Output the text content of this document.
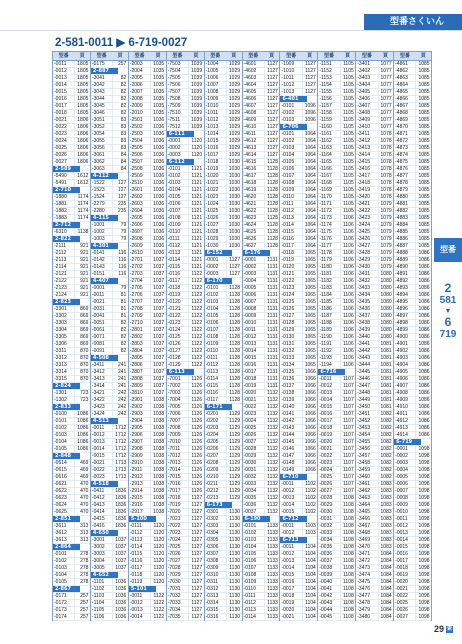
型番さくいん
2-581-0011 ▶ 6-719-0027
型番	頁
-0011	1805
-0012	1805
-0013	1805
-0014	1805
-0015	1805
-0016	1805
-0017	1805
-0018	1805
-0021	1806
-0022	1806
-0023	1806
-0024	1806
-0025	1806
-0026	1806
-0027	1806
2-589
-5490	1612
-5491	1612
2-710
-1880	1174
-1881	1174
-1882	1174
-1883	1174
2-712
-6310	1138
2-822
-2111	921
-2112	921
-2113	921
-2114	921
-2121	921
-2122	921
-2123	921
-2124	921
2-823
-3301	869
-3302	869
-3303	869
-3304	869
-3305	869
-3306	869
-3311	870
-3312	870
-3313	870
-3314	870
-3315	870
2-824
-1301	723
-1302	723
2-833
-0100	1086
-0101	1086
-0102	1086
-0103	1086
-0104	1086
-0105	1086
2-848
-0614	469
-0615	469
-0616	469
-0621	470
-0622	470
-0623	470
-0624	470
-0625	470
2-851
-3611	313
-3612	313
-3613	313
2-864
-0101	278
-0102	278
-0103	278
-0104	278
-0105	278
2-867
-0171	257
-0172	257
-0173	257
-0174	257
型番	頁
-0175	257
2-887
-3041	82
-3042	82
-3043	82
-3044	82
-3045	82
-3046	82
-3051	83
-3052	83
-3054	83
-3055	83
-3056	83
-3061	84
-3062	84
-3063	84
4-112
-1522	127
-1523	127
-1524	127
-2279	235
-2280	235
4-115
-1001	79
-1002	79
-1003	79
4-301
-0141	116
-0142	116
-0143	116
-0151	116
4-407
-0001	79
-0011	81
-0021	81
-0031	81
-0041	81
-0051	82
-0061	82
-0071	82
-0081	82
-0091	82
4-508
-3411	241
-3412	241
-3413	241
-3414	241
-3421	242
-3422	242
-3423	242
-3424	242
4-513
-0011	1712
-0012	1712
-0013	1712
-0014	1712
-0015	1712
-0021	1713
-0022	1713
-0023	1713
4-518
-0411	1836
-0412	1836
-0413	1836
-0414	1836
-0415	1836
-0416	1836
4-650
-3001	1037
-3002	1037
-3003	1037
-3004	1037
-3005	1037
4-652
-1101	1036
-1102	1036
-1103	1036
-1104	1036
-1105	1036
-1106	1036
型番	頁
-2003	1035
-2004	1035
-2005	1035
-2006	1035
-2007	1035
-2008	1035
-2009	1035
-2010	1035
-2501	1036
-2502	1036
-2503	1036
-2504	1036
-2505	1036
-2506	1036
-2507	1036
-2508	1036
-2509	1036
-2510	1036
-2601	1036
-2602	1036
-2603	1036
-2604	1036
-2605	1036
-2606	1036
-2607	1036
-2608	1036
-2609	1036
-2610	1036
-2701	1037
-2702	1037
-2703	1037
-2704	1037
-2705	1037
-2706	1037
-2707	1037
-2708	1037
-2709	1037
-2710	1037
-2801	1037
-2802	1037
-2803	1037
-2804	1037
-2805	1037
-2806	1037
-2807	1037
-2808	1037
-2809	1037
-2810	1037
-2901	1038
-2902	1038
-2903	1038
-2904	1038
-2905	1038
-2906	1038
-2907	1038
-2908	1038
-2909	1038
-2910	1038
-2911	1038
-2912	1038
-2913	1038
-2914	1038
-2915	1038
-2916	1038
-2917	1038
5-100
-0111	1120
-0112	1120
-0113	1120
-0114	1120
-0115	1120
-0116	1120
-0117	1120
-0118	1120
-0119	1120
5-101
-0011	1122
-0012	1122
-0013	1122
-0014	1122
型番	頁
-7503	1039
-7504	1039
-7505	1039
-7506	1039
-7507	1039
-7508	1039
-7509	1039
-7510	1039
-7511	1039
-7512	1039
6-111
-0001	1120
-0002	1120
-0003	1120
6-112
-0101	1121
-0102	1121
-0103	1121
-0104	1121
-0105	1121
-0106	1121
-0107	1121
-0108	1121
-0109	1121
-0110	1121
-0111	1121
-0112	1121
-0113	1121
-0114	1121
-0115	1121
-0116	1122
-0117	1122
-0118	1122
-0119	1122
-0120	1122
-0121	1122
-0122	1122
-0123	1122
-0124	1122
-0125	1122
-0126	1122
-0127	1122
-0128	1122
-0129	1122
6-113
-7001	1126
-7002	1126
-7003	1126
-7004	1126
-7005	1126
-7006	1126
-7007	1126
-7008	1126
-7009	1126
-7010	1126
-7011	1126
-7012	1126
-7013	1126
-7014	1126
-7015	1126
-7016	1126
-7017	1126
-7018	1127
-7019	1127
-7020	1127
-7021	1127
-7022	1127
-7023	1127
-7024	1127
-7025	1127
-7026	1127
-7027	1127
-7028	1127
-7029	1127
-7030	1127
-7031	1127
-7032	1127
-7033	1127
-7034	1127
-7035	1127
型番	頁
-1004	1029
-1005	1029
-1006	1029
-1007	1029
-1008	1029
-1009	1029
-1010	1029
-1011	1029
-1012	1029
-1013	1029
-1014	1029
-1015	1029
-1016	1029
-1017	1029
-1018	1030
-1019	1030
-1020	1030
-1021	1030
-1022	1030
-1023	1030
-1024	1030
-1025	1030
-1026	1030
-1027	1030
-1028	1030
-1029	1030
-1030	1030
6-152
-0001	1127
-0002	1127
-0003	1127
6-170
-0101	1128
-0102	1128
-0103	1128
-0104	1128
-0105	1128
-0106	1128
-0107	1128
-0108	1128
-0109	1128
-0110	1128
-0111	1128
-0112	1128
-0113	1128
-0114	1128
-0115	1128
-0116	1128
-0117	1128
6-171
-0201	1129
-0202	1129
-0203	1129
-0204	1129
-0205	1129
-0206	1129
-0207	1129
-0208	1129
-0209	1129
-0210	1129
-0211	1129
-0212	1129
-0213	1129
6-173
-0301	1130
-0302	1130
-0303	1130
-0304	1130
-0305	1130
-0306	1130
-0307	1130
-0308	1130
-0309	1130
-0310	1130
-0311	1130
-0312	1130
-0313	1130
-0314	1130
-0315	1130
-0316	1130
型番	頁
-4601	1127
-4602	1127
-4603	1127
-4604	1127
-4605	1127
-4606	1127
-4607	1127
-4608	1127
-4609	1127
-4610	1127
-4611	1127
-4612	1127
-4613	1127
-4614	1127
-4615	1128
-4616	1128
-4617	1128
-4618	1128
-4619	1128
-4620	1128
-4621	1128
-4622	1128
-4623	1128
-4624	1128
-4625	1128
-4626	1128
-4627	1128
6-176
-0001	1131
-0002	1131
-0003	1131
-0004	1131
-0005	1131
-0006	1131
-0007	1131
-0008	1131
-0009	1131
-0010	1131
-0011	1131
-0012	1131
-0013	1131
-0014	1131
-0015	1131
-0016	1131
-0017	1131
-0018	1131
-0019	1131
-0020	1132
-0021	1132
-0022	1132
-0023	1132
-0024	1132
-0025	1132
-0026	1132
-0027	1132
-0028	1132
-0029	1132
-0030	1132
-0031	1132
-0032	1132
-0033	1132
-0034	1132
-0035	1132
-0036	1132
-0037	1132
6-190
-0101	1133
-0102	1133
-0103	1133
-0104	1133
-0105	1133
-0106	1133
-0107	1133
-0108	1133
-0109	1133
-0110	1133
-0111	1133
-0112	1133
-0113	1133
-0114	1133
型番	頁
-1009	1127
-1010	1127
-1011	1127
-1012	1127
-1013	1127
6-401
-0101	1096
-0102	1096
-0103	1096
6-706
-0101	1064
-0102	1064
-0103	1064
-0104	1064
-0105	1064
-0106	1064
-0107	1064
-0108	1064
-0109	1064
-0110	1064
-0111	1064
-0112	1064
-0113	1064
-0114	1064
-0115	1064
-0116	1064
-0117	1064
-0118	1065
-0119	1065
-0120	1065
-0121	1065
-0122	1065
-0123	1065
-0124	1065
-0125	1065
-0126	1065
-0127	1065
-0128	1065
-0129	1065
-0130	1065
-0131	1065
-0132	1065
-0133	1065
-0134	1065
-0135	1066
-0136	1066
-0137	1066
-0138	1066
-0139	1066
-0140	1066
-0141	1066
-0142	1066
-0143	1066
-0144	1066
-0145	1066
-0146	1066
-0147	1066
-0148	1066
-0149	1066
6-710
-0011	1102
-0012	1102
-0013	1102
-0014	1102
-0015	1102
6-712
-0011	1103
-0012	1103
6-713
-0011	1104
-0012	1104
-0013	1104
-0014	1104
-0015	1104
-0016	1104
-0017	1104
-0018	1104
-0019	1104
-0020	1104
-0021	1104
型番	頁
-1151	1105
-1152	1105
-1153	1105
-1154	1105
-1155	1105
-1156	1105
-1157	1105
-1158	1105
-1159	1105
-1160	1105
-1161	1105
-1162	1105
-1163	1105
-1164	1105
-1165	1105
-1166	1105
-1167	1105
-1168	1105
-1169	1105
-1170	1105
-1171	1105
-1172	1105
-1173	1106
-1174	1106
-1175	1106
-1176	1106
-1177	1106
-1178	1106
-1179	1106
-1180	1106
-1181	1106
-1182	1106
-1183	1106
-1184	1106
-1185	1106
-1186	1106
-1187	1106
-1188	1106
-1189	1106
-1190	1106
-1191	1106
-1192	1106
-1193	1106
-1194	1106
6-716
-0011	1107
-0012	1107
-0013	1107
-0014	1107
-0015	1107
-0016	1107
-0017	1107
-0018	1107
-0019	1107
-0020	1107
-0021	1107
-0022	1107
-0023	1107
-0024	1107
-0025	1107
-0026	1107
-0027	1107
-0028	1108
-0029	1108
-0030	1108
-0031	1108
-0032	1108
-0033	1108
-0034	1108
-0035	1108
-0036	1108
-0037	1108
-0038	1108
-0039	1108
-0040	1108
-0041	1108
-0042	1108
-0043	1108
-0044	1108
-0045	1108
型番	頁
-3401	1077
-3402	1077
-3403	1077
-3404	1077
-3405	1077
-3406	1077
-3407	1077
-3408	1077
-3409	1077
-3410	1077
-3411	1078
-3412	1078
-3413	1078
-3414	1078
-3415	1078
-3416	1078
-3417	1078
-3418	1078
-3419	1078
-3420	1078
-3421	1079
-3422	1079
-3423	1079
-3424	1079
-3425	1079
-3426	1079
-3427	1079
-3428	1079
-3429	1079
-3430	1079
-3431	1080
-3432	1080
-3433	1080
-3434	1080
-3435	1080
-3436	1080
-3437	1080
-3438	1080
-3439	1080
-3440	1080
-3441	1081
-3442	1081
-3443	1081
-3444	1081
-3445	1081
-3446	1081
-3447	1081
-3448	1081
-3449	1081
-3450	1081
-3451	1082
-3452	1082
-3453	1082
-3454	1082
-3455	1082
-3456	1082
-3457	1082
-3458	1082
-3459	1082
-3460	1082
-3461	1083
-3462	1083
-3463	1083
-3464	1083
-3465	1083
-3466	1083
-3467	1083
-3468	1083
-3469	1083
-3470	1083
-3471	1084
-3472	1084
-3473	1084
-3474	1084
-3475	1084
-3476	1084
-3477	1084
-3478	1084
-3479	1084
-3480	1084
型番	頁
-4861	1085
-4862	1085
-4863	1085
-4864	1085
-4865	1085
-4866	1085
-4867	1085
-4868	1085
-4869	1085
-4870	1085
-4871	1085
-4872	1085
-4873	1085
-4874	1085
-4875	1085
-4876	1085
-4877	1085
-4878	1085
-4879	1085
-4880	1085
-4881	1085
-4882	1085
-4883	1085
-4884	1085
-4885	1085
-4886	1085
-4887	1085
-4888	1086
-4889	1086
-4890	1086
-4891	1086
-4892	1086
-4893	1086
-4894	1086
-4895	1086
-4896	1086
-4897	1086
-4898	1086
-4899	1086
-4900	1086
-4901	1086
-4902	1086
-4903	1086
-4904	1086
-4905	1086
-4906	1086
-4907	1086
-4908	1086
-4909	1086
-4910	1086
-4911	1086
-4912	1086
-4913	1086
-4914	1086
6-719
-0001	1098
-0002	1098
-0003	1098
-0004	1098
-0005	1098
-0006	1098
-0007	1098
-0008	1098
-0009	1098
-0010	1098
-0011	1098
-0012	1098
-0013	1098
-0014	1098
-0015	1098
-0016	1098
-0017	1098
-0018	1098
-0019	1098
-0020	1098
-0021	1098
-0022	1098
-0025	1098
-0026	1098
-0027	1098
型番
2
581
▼
6
719
29 索
